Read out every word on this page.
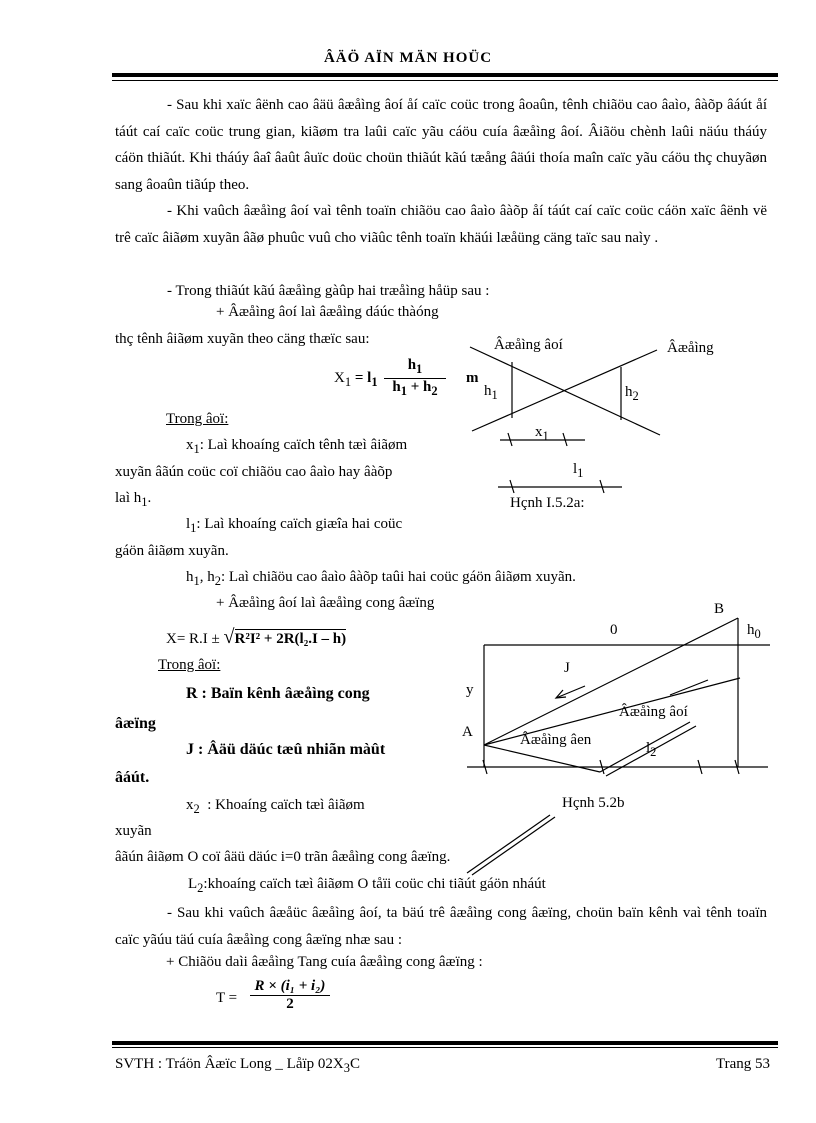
ÂÄÖ AÏN MÄN HOÜC
- Sau khi xaïc âënh cao âäü âæåìng âoí åí caïc coüc trong âoaûn, tênh chiãöu cao âaìo, âàõp âáút åí táút caí caïc coüc trung gian, kiãøm tra laûi caïc yãu cáöu cuía âæåìng âoí. Âiãöu chènh laûi näúu tháúy cáön thiãút. Khi tháúy âaî âaût âuïc doüc choün thiãút kãú tæång âäúi thoía maîn caïc yãu cáöu thç chuyãøn sang âoaûn tiãúp theo.
- Khi vaûch âæåìng âoí vaì tênh toaïn chiãöu cao âaìo âàõp åí táút caí caïc coüc cáön xaïc âënh vë trê caïc âiãøm xuyãn âãø phuûc vuû cho viãûc tênh toaïn khäúi læåüng cäng taïc sau naìy .
- Trong thiãút kãú âæåìng gàûp hai træåìng håüp sau :
+ Âæåìng âoí laì âæåìng dáúc thàóng
thç tênh âiãøm xuyãn theo cäng thæïc sau:
$X_1 = l_1 \frac{h_1}{h_1 + h_2}$ m
Trong âoï:
$x_1$: Laì khoaíng caïch tênh tæì âiãøm
xuyãn âãún coüc coï chiãöu cao âaìo hay âàõp
laì $h_1$.
$l_1$: Laì khoaíng caïch giæîa hai coüc
gáön âiãøm xuyãn.
$h_1$, $h_2$: Laì chiãöu cao âaìo âàõp taûi hai coüc gáön âiãøm xuyãn.
+ Âæåìng âoí laì âæåìng cong âæïng
X= R.I ± √R²I² + 2R(l₂.I – h)
Trong âoï:
R : Baïn kênh âæåìng cong
âæïng
J : Âäü däúc tæû nhiãn màût
âáút.
$x_2$ : Khoaíng caïch tæì âiãøm
xuyãn
âãún âiãøm O coï âäü däúc i=0 trãn âæåìng cong âæïng.
$L_2:khoaíng$ caïch tæì âiãøm O tåïi coüc chi tiãút gáön nháút
- Sau khi vaûch âæåüc âæåìng âoí, ta bäú trê âæåìng cong âæïng, choün baïn kênh vaì tênh toaïn caïc yãúu täú cuía âæåìng cong âæïng nhæ sau :
+ Chiãöu daìi âæåìng Tang cuía âæåìng cong âæïng :
$T = \frac{\text{R × (i₁ + i₂)}}{2}$
Âæåìng âoí	Âæåìng
$h_1$	$h_2$
$x_1$
$l_1$
Hçnh I.5.2a:
B
0	$h_0$
J
y
A
Âæåìng âoí
Âæåìng âen	$l_2$
Hçnh 5.2b
SVTH : Tráön Âæïc Long _ Låïp $02X_3C$	Trang 53
